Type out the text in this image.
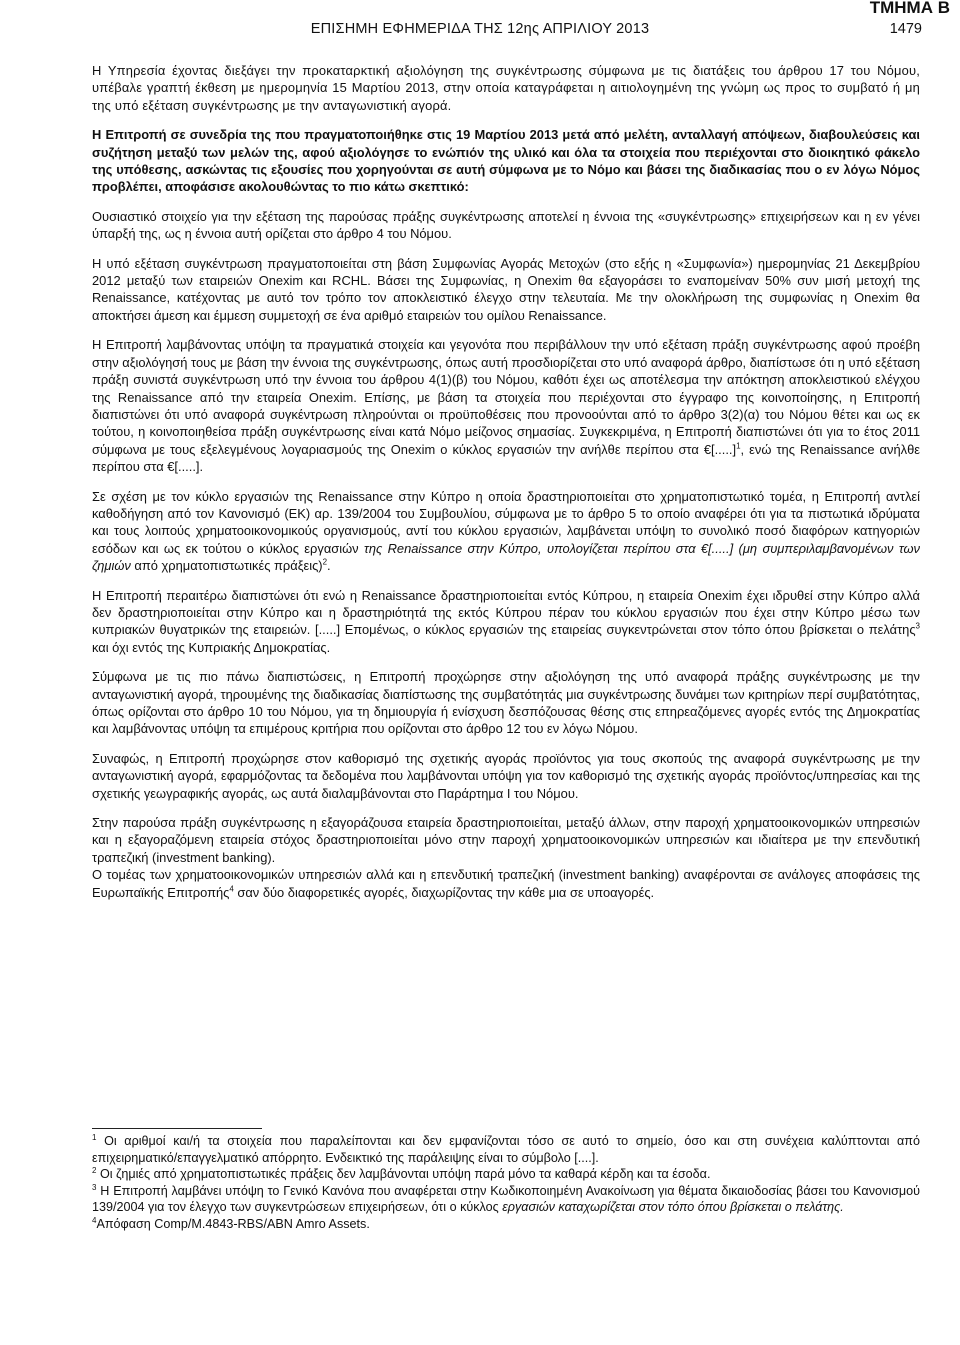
ΤΜΗΜΑ Β
ΕΠΙΣΗΜΗ ΕΦΗΜΕΡΙΔΑ ΤΗΣ 12ης ΑΠΡΙΛΙΟΥ 2013	1479

Η Υπηρεσία έχοντας διεξάγει την προκαταρκτική αξιολόγηση της συγκέντρωσης σύμφωνα με τις διατάξεις του άρθρου 17 του Νόμου, υπέβαλε γραπτή έκθεση με ημερομηνία 15 Μαρτίου 2013, στην οποία καταγράφεται η αιτιολογημένη της γνώμη ως προς το συμβατό ή μη της υπό εξέταση συγκέντρωσης με την ανταγωνιστική αγορά.

Η Επιτροπή σε συνεδρία της που πραγματοποιήθηκε στις 19 Μαρτίου 2013 μετά από μελέτη, ανταλλαγή απόψεων, διαβουλεύσεις και συζήτηση μεταξύ των μελών της, αφού αξιολόγησε το ενώπιόν της υλικό και όλα τα στοιχεία που περιέχονται στο διοικητικό φάκελο της υπόθεσης, ασκώντας τις εξουσίες που χορηγούνται σε αυτή σύμφωνα με το Νόμο και βάσει της διαδικασίας που ο εν λόγω Νόμος προβλέπει, αποφάσισε ακολουθώντας το πιο κάτω σκεπτικό:

Ουσιαστικό στοιχείο για την εξέταση της παρούσας πράξης συγκέντρωσης αποτελεί η έννοια της «συγκέντρωσης» επιχειρήσεων και η εν γένει ύπαρξή της, ως η έννοια αυτή ορίζεται στο άρθρο 4 του Νόμου.

Η υπό εξέταση συγκέντρωση πραγματοποιείται στη βάση Συμφωνίας Αγοράς Μετοχών (στο εξής η «Συμφωνία») ημερομηνίας 21 Δεκεμβρίου 2012 μεταξύ των εταιρειών Onexim και RCHL. Βάσει της Συμφωνίας, η Onexim θα εξαγοράσει το εναπομείναν 50% συν μισή μετοχή της Renaissance, κατέχοντας με αυτό τον τρόπο τον αποκλειστικό έλεγχο στην τελευταία. Με την ολοκλήρωση της συμφωνίας η Onexim θα αποκτήσει άμεση και έμμεση συμμετοχή σε ένα αριθμό εταιρειών του ομίλου Renaissance.

Η Επιτροπή λαμβάνοντας υπόψη τα πραγματικά στοιχεία και γεγονότα που περιβάλλουν την υπό εξέταση πράξη συγκέντρωσης αφού προέβη στην αξιολόγησή τους με βάση την έννοια της συγκέντρωσης, όπως αυτή προσδιορίζεται στο υπό αναφορά άρθρο, διαπίστωσε ότι η υπό εξέταση πράξη συνιστά συγκέντρωση υπό την έννοια του άρθρου 4(1)(β) του Νόμου, καθότι έχει ως αποτέλεσμα την απόκτηση αποκλειστικού ελέγχου της Renaissance από την εταιρεία Onexim. Επίσης, με βάση τα στοιχεία που περιέχονται στο έγγραφο της κοινοποίησης, η Επιτροπή διαπιστώνει ότι υπό αναφορά συγκέντρωση πληρούνται οι προϋποθέσεις που προνοούνται από το άρθρο 3(2)(α) του Νόμου θέτει και ως εκ τούτου, η κοινοποιηθείσα πράξη συγκέντρωσης είναι κατά Νόμο μείζονος σημασίας. Συγκεκριμένα, η Επιτροπή διαπιστώνει ότι για το έτος 2011 σύμφωνα με τους εξελεγμένους λογαριασμούς της Onexim ο κύκλος εργασιών την ανήλθε περίπου στα €[.....]$^1$, ενώ της Renaissance ανήλθε περίπου στα €[.....].

Σε σχέση με τον κύκλο εργασιών της Renaissance στην Κύπρο η οποία δραστηριοποιείται στο χρηματοπιστωτικό τομέα, η Επιτροπή αντλεί καθοδήγηση από τον Κανονισμό (ΕΚ) αρ. 139/2004 του Συμβουλίου, σύμφωνα με το άρθρο 5 το οποίο αναφέρει ότι για τα πιστωτικά ιδρύματα και τους λοιπούς χρηματοοικονομικούς οργανισμούς, αντί του κύκλου εργασιών, λαμβάνεται υπόψη το συνολικό ποσό διαφόρων κατηγοριών εσόδων και ως εκ τούτου ο κύκλος εργασιών της Renaissance στην Κύπρο, υπολογίζεται περίπου στα €[.....] (μη συμπεριλαμβανομένων των ζημιών από χρηματοπιστωτικές πράξεις)$^2$.

Η Επιτροπή περαιτέρω διαπιστώνει ότι ενώ η Renaissance δραστηριοποιείται εντός Κύπρου, η εταιρεία Onexim έχει ιδρυθεί στην Κύπρο αλλά δεν δραστηριοποιείται στην Κύπρο και η δραστηριότητά της εκτός Κύπρου πέραν του κύκλου εργασιών που έχει στην Κύπρο μέσω των κυπριακών θυγατρικών της εταιρειών. [.....] Επομένως, ο κύκλος εργασιών της εταιρείας συγκεντρώνεται στον τόπο όπου βρίσκεται ο πελάτης$^3$ και όχι εντός της Κυπριακής Δημοκρατίας.

Σύμφωνα με τις πιο πάνω διαπιστώσεις, η Επιτροπή προχώρησε στην αξιολόγηση της υπό αναφορά πράξης συγκέντρωσης με την ανταγωνιστική αγορά, τηρουμένης της διαδικασίας διαπίστωσης της συμβατότητάς μια συγκέντρωσης δυνάμει των κριτηρίων περί συμβατότητας, όπως ορίζονται στο άρθρο 10 του Νόμου, για τη δημιουργία ή ενίσχυση δεσπόζουσας θέσης στις επηρεαζόμενες αγορές εντός της Δημοκρατίας και λαμβάνοντας υπόψη τα επιμέρους κριτήρια που ορίζονται στο άρθρο 12 του εν λόγω Νόμου.

Συναφώς, η Επιτροπή προχώρησε στον καθορισμό της σχετικής αγοράς προϊόντος για τους σκοπούς της αναφορά συγκέντρωσης με την ανταγωνιστική αγορά, εφαρμόζοντας τα δεδομένα που λαμβάνονται υπόψη για τον καθορισμό της σχετικής αγοράς προϊόντος/υπηρεσίας και της σχετικής γεωγραφικής αγοράς, ως αυτά διαλαμβάνονται στο Παράρτημα Ι του Νόμου.

Στην παρούσα πράξη συγκέντρωσης η εξαγοράζουσα εταιρεία δραστηριοποιείται, μεταξύ άλλων, στην παροχή χρηματοοικονομικών υπηρεσιών και η εξαγοραζόμενη εταιρεία στόχος δραστηριοποιείται μόνο στην παροχή χρηματοοικονομικών υπηρεσιών και ιδιαίτερα με την επενδυτική τραπεζική (investment banking).

Ο τομέας των χρηματοοικονομικών υπηρεσιών αλλά και η επενδυτική τραπεζική (investment banking) αναφέρονται σε ανάλογες αποφάσεις της Ευρωπαϊκής Επιτροπής$^4$ σαν δύο διαφορετικές αγορές, διαχωρίζοντας την κάθε μια σε υποαγορές.

$^1$ Οι αριθμοί και/ή τα στοιχεία που παραλείπονται και δεν εμφανίζονται τόσο σε αυτό το σημείο, όσο και στη συνέχεια καλύπτονται από επιχειρηματικό/επαγγελματικό απόρρητο. Ενδεικτικό της παράλειψης είναι το σύμβολο [....].

$^2$ Οι ζημιές από χρηματοπιστωτικές πράξεις δεν λαμβάνονται υπόψη παρά μόνο τα καθαρά κέρδη και τα έσοδα.

$^3$ Η Επιτροπή λαμβάνει υπόψη το Γενικό Κανόνα που αναφέρεται στην Κωδικοποιημένη Ανακοίνωση για θέματα δικαιοδοσίας βάσει του Κανονισμού 139/2004 για τον έλεγχο των συγκεντρώσεων επιχειρήσεων, ότι ο κύκλος εργασιών καταχωρίζεται στον τόπο όπου βρίσκεται ο πελάτης.

$^4$Απόφαση Comp/M.4843-RBS/ABN Amro Assets.
